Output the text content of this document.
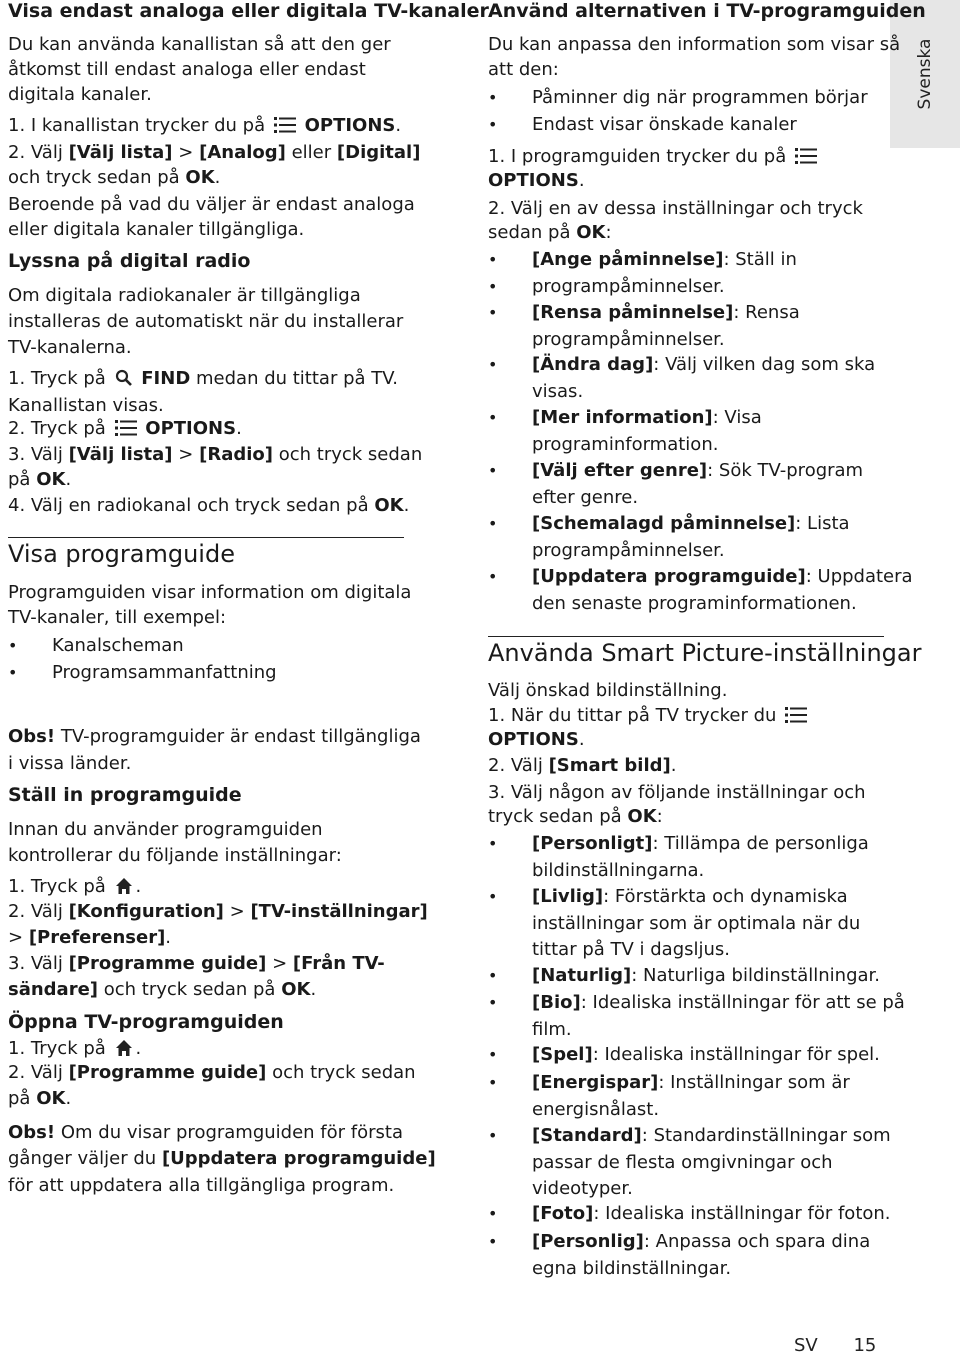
Svenska
Visa endast analoga eller digitala TV-kanaler
Du kan använda kanallistan så att den ger
åtkomst till endast analoga eller endast
digitala kanaler.
1. I kanallistan trycker du på OPTIONS.
2. Välj [Välj lista] > [Analog] eller [Digital]
och tryck sedan på OK.
Beroende på vad du väljer är endast analoga
eller digitala kanaler tillgängliga.
Lyssna på digital radio
Om digitala radiokanaler är tillgängliga
installeras de automatiskt när du installerar
TV-kanalerna.
1. Tryck på FIND medan du tittar på TV.
Kanallistan visas.
2. Tryck på OPTIONS.
3. Välj [Välj lista] > [Radio] och tryck sedan
på OK.
4. Välj en radiokanal och tryck sedan på OK.
Visa programguide
Programguiden visar information om digitala
TV-kanaler, till exempel:
• Kanalscheman
• Programsammanfattning
Obs! TV-programguider är endast tillgängliga
i vissa länder.
Ställ in programguide
Innan du använder programguiden
kontrollerar du följande inställningar:
1. Tryck på .
2. Välj [Konfiguration] > [TV-inställningar]
> [Preferenser].
3. Välj [Programme guide] > [Från TV-
sändare] och tryck sedan på OK.
Öppna TV-programguiden
1. Tryck på .
2. Välj [Programme guide] och tryck sedan
på OK.
Obs! Om du visar programguiden för första
gånger väljer du [Uppdatera programguide]
för att uppdatera alla tillgängliga program.
Använd alternativen i TV-programguiden
Du kan anpassa den information som visar så
att den:
• Påminner dig när programmen börjar
• Endast visar önskade kanaler
1. I programguiden trycker du på
OPTIONS.
2. Välj en av dessa inställningar och tryck
sedan på OK:
• [Ange påminnelse]: Ställ in
• programpåminnelser.
• [Rensa påminnelse]: Rensa
programpåminnelser.
• [Ändra dag]: Välj vilken dag som ska
visas.
• [Mer information]: Visa
programinformation.
• [Välj efter genre]: Sök TV-program
efter genre.
• [Schemalagd påminnelse]: Lista
programpåminnelser.
• [Uppdatera programguide]: Uppdatera
den senaste programinformationen.
Använda Smart Picture-inställningar
Välj önskad bildinställning.
1. När du tittar på TV trycker du
OPTIONS.
2. Välj [Smart bild].
3. Välj någon av följande inställningar och
tryck sedan på OK:
• [Personligt]: Tillämpa de personliga
bildinställningarna.
• [Livlig]: Förstärkta och dynamiska
inställningar som är optimala när du
tittar på TV i dagsljus.
• [Naturlig]: Naturliga bildinställningar.
• [Bio]: Idealiska inställningar för att se på
film.
• [Spel]: Idealiska inställningar för spel.
• [Energispar]: Inställningar som är
energisnålast.
• [Standard]: Standardinställningar som
passar de flesta omgivningar och
videotyper.
• [Foto]: Idealiska inställningar för foton.
• [Personlig]: Anpassa och spara dina
egna bildinställningar.
SV 15
